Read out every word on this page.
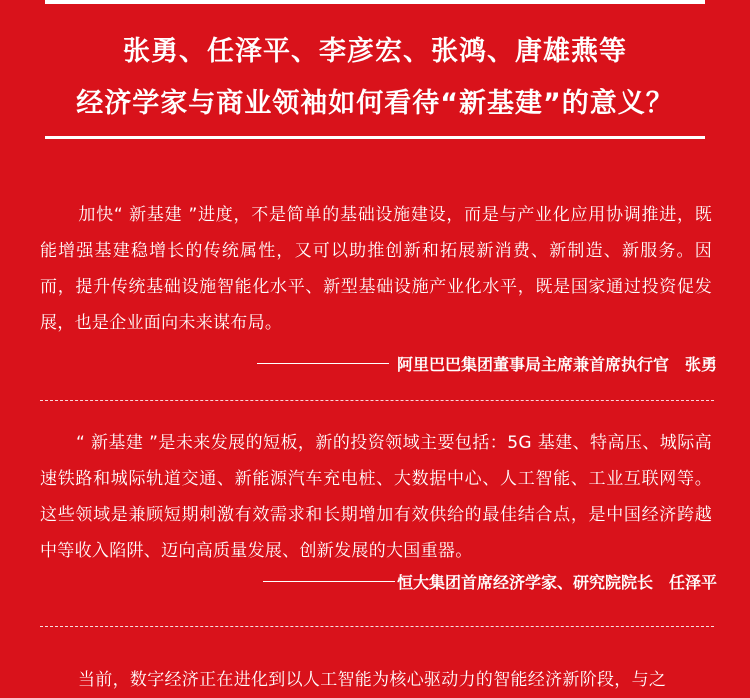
张勇、任泽平、李彦宏、张鸿、唐雄燕等
经济学家与商业领袖如何看待“新基建”的意义？
加快“ 新基建 ”进度，不是简单的基础设施建设，而是与产业化应用协调推进，既能增强基建稳增长的传统属性，又可以助推创新和拓展新消费、新制造、新服务。因而，提升传统基础设施智能化水平、新型基础设施产业化水平，既是国家通过投资促发展，也是企业面向未来谋布局。
阿里巴巴集团董事局主席兼首席执行官　张勇
“ 新基建 ”是未来发展的短板，新的投资领域主要包括：5G 基建、特高压、城际高速铁路和城际轨道交通、新能源汽车充电桩、大数据中心、人工智能、工业互联网等。这些领域是兼顾短期刺激有效需求和长期增加有效供给的最佳结合点，是中国经济跨越中等收入陷阱、迈向高质量发展、创新发展的大国重器。
恒大集团首席经济学家、研究院院长　任泽平
当前，数字经济正在进化到以人工智能为核心驱动力的智能经济新阶段，与之
